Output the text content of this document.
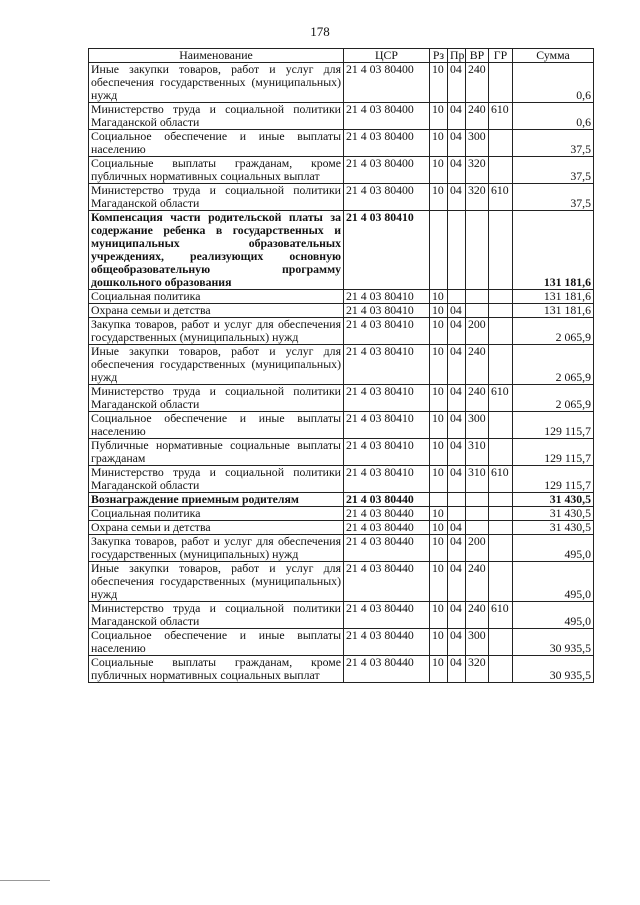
178
Наименование	ЦСР	Рз	Пр	ВР	ГР	Сумма
Иные закупки товаров, работ и услуг для обеспечения государственных (муниципальных) нужд	21 4 03 80400	10	04	240		0,6
Министерство труда и социальной политики Магаданской области	21 4 03 80400	10	04	240	610	0,6
Социальное обеспечение и иные выплаты населению	21 4 03 80400	10	04	300		37,5
Социальные выплаты гражданам, кроме публичных нормативных социальных выплат	21 4 03 80400	10	04	320		37,5
Министерство труда и социальной политики Магаданской области	21 4 03 80400	10	04	320	610	37,5
Компенсация части родительской платы за содержание ребенка в государственных и муниципальных образовательных учреждениях, реализующих основную общеобразовательную программу дошкольного образования	21 4 03 80410					131 181,6
Социальная политика	21 4 03 80410	10				131 181,6
Охрана семьи и детства	21 4 03 80410	10	04			131 181,6
Закупка товаров, работ и услуг для обеспечения государственных (муниципальных) нужд	21 4 03 80410	10	04	200		2 065,9
Иные закупки товаров, работ и услуг для обеспечения государственных (муниципальных) нужд	21 4 03 80410	10	04	240		2 065,9
Министерство труда и социальной политики Магаданской области	21 4 03 80410	10	04	240	610	2 065,9
Социальное обеспечение и иные выплаты населению	21 4 03 80410	10	04	300		129 115,7
Публичные нормативные социальные выплаты гражданам	21 4 03 80410	10	04	310		129 115,7
Министерство труда и социальной политики Магаданской области	21 4 03 80410	10	04	310	610	129 115,7
Вознаграждение приемным родителям	21 4 03 80440					31 430,5
Социальная политика	21 4 03 80440	10				31 430,5
Охрана семьи и детства	21 4 03 80440	10	04			31 430,5
Закупка товаров, работ и услуг для обеспечения государственных (муниципальных) нужд	21 4 03 80440	10	04	200		495,0
Иные закупки товаров, работ и услуг для обеспечения государственных (муниципальных) нужд	21 4 03 80440	10	04	240		495,0
Министерство труда и социальной политики Магаданской области	21 4 03 80440	10	04	240	610	495,0
Социальное обеспечение и иные выплаты населению	21 4 03 80440	10	04	300		30 935,5
Социальные выплаты гражданам, кроме публичных нормативных социальных выплат	21 4 03 80440	10	04	320		30 935,5
